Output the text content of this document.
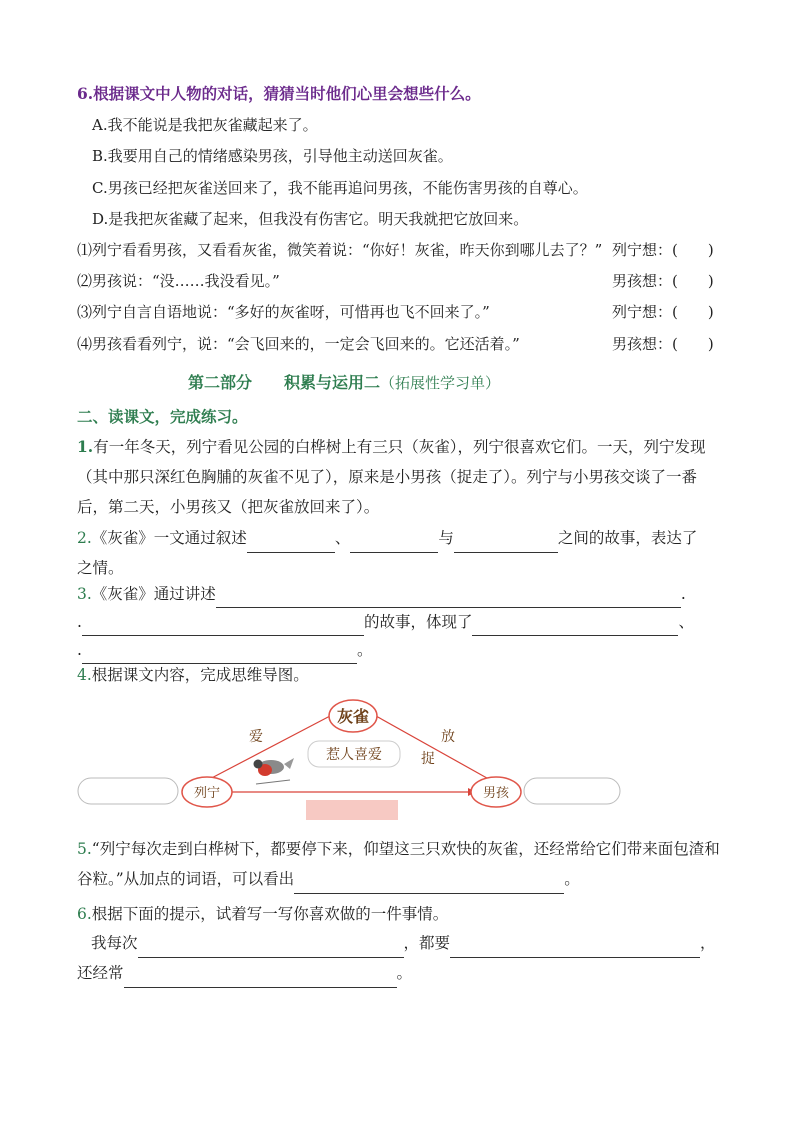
6.根据课文中人物的对话，猜猜当时他们心里会想些什么。
A.我不能说是我把灰雀藏起来了。
B.我要用自己的情绪感染男孩，引导他主动送回灰雀。
C.男孩已经把灰雀送回来了，我不能再追问男孩，不能伤害男孩的自尊心。
D.是我把灰雀藏了起来，但我没有伤害它。明天我就把它放回来。
⑴列宁看看男孩，又看看灰雀，微笑着说：“你好！灰雀，昨天你到哪儿去了？” 列宁想：(　　)
⑵男孩说：“没……我没看见。”	男孩想：(　　)
⑶列宁自言自语地说：“多好的灰雀呀，可惜再也飞不回来了。”	列宁想：(　　)
⑷男孩看看列宁，说：“会飞回来的，一定会飞回来的。它还活着。”	男孩想：(　　)
第二部分　　积累与运用二（拓展性学习单）
二、读课文，完成练习。
1.有一年冬天，列宁看见公园的白桦树上有三只（灰雀），列宁很喜欢它们。一天，列宁发现（其中那只深红色胸脯的灰雀不见了），原来是小男孩（捉走了）。列宁与小男孩交谈了一番后，第二天，小男孩又（把灰雀放回来了）。
2.《灰雀》一文通过叙述	、	与	之间的故事，表达了
之情。
3.《灰雀》通过讲述	.
.	的故事，体现了	、
.	。
4.根据课文内容，完成思维导图。
灰雀
列宁	男孩
惹人喜爱
爱	放
捉
5.“列宁每次走到白桦树下，都要停下来，仰望这三只欢快的灰雀，还经常给它们带来面包渣和谷粒。”从加点的词语，可以看出	。
6.根据下面的提示，试着写一写你喜欢做的一件事情。
我每次	，都要	，
还经常	。
